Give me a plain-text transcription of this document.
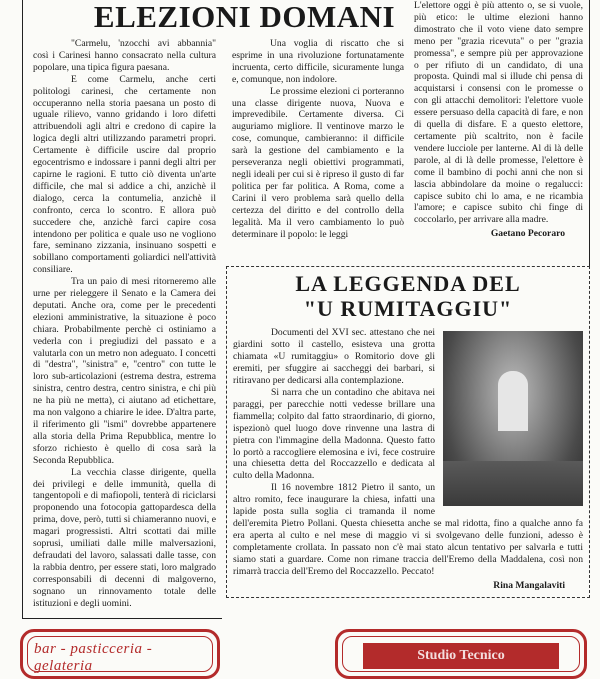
ELEZIONI DOMANI

"Carmelu, 'nzocchi avi abbannia" così i Carinesi hanno consacrato nella cultura popolare, una tipica figura paesana.

E come Carmelu, anche certi politologi carinesi, che certamente non occuperanno nella storia paesana un posto di uguale rilievo, vanno gridando i loro difetti attribuendoli agli altri e credono di capire la logica degli altri utilizzando parametri propri. Certamente è difficile uscire dal proprio egocentrismo e indossare i panni degli altri per capirne le ragioni. E tutto ciò diventa un'arte difficile, che mal si addice a chi, anzichè il dialogo, cerca la contumelia, anzichè il confronto, cerca lo scontro. E allora può succedere che, anzichè farci capire cosa intendono per politica e quale uso ne vogliono fare, seminano zizzania, insinuano sospetti e sobillano comportamenti goliardici nell'attività consiliare.

Tra un paio di mesi ritorneremo alle urne per rieleggere il Senato e la Camera dei deputati. Anche ora, come per le precedenti elezioni amministrative, la situazione è poco chiara. Probabilmente perchè ci ostiniamo a vederla con i pregiudizi del passato e a valutarla con un metro non adeguato. I concetti di "destra", "sinistra" e, "centro" con tutte le loro sub-articolazioni (estrema destra, estrema sinistra, centro destra, centro sinistra, e chi più ne ha più ne metta), ci aiutano ad etichettare, ma non valgono a chiarire le idee. D'altra parte, il riferimento gli "ismi" dovrebbe appartenere alla storia della Prima Repubblica, mentre lo sforzo richiesto è quello di cosa sarà la Seconda Repubblica.

La vecchia classe dirigente, quella dei privilegi e delle immunità, quella di tangentopoli e di mafiopoli, tenterà di riciclarsi proponendo una fotocopia gattopardesca della prima, dove, però, tutti si chiameranno nuovi, e magari progressisti. Altri scottati dai mille soprusi, umiliati dalle mille malversazioni, defraudati del lavoro, salassati dalle tasse, con la rabbia dentro, per essere stati, loro malgrado corresponsabili di decenni di malgoverno, sognano un rinnovamento totale delle istituzioni e degli uomini.

Una voglia di riscatto che si esprime in una rivoluzione fortunatamente incruenta, certo difficile, sicuramente lunga e, comunque, non indolore.

Le prossime elezioni ci porteranno una classe dirigente nuova, Nuova e imprevedibile. Certamente diversa. Ci auguriamo migliore. Il ventinove marzo le cose, comunque, cambieranno: il difficile sarà la gestione del cambiamento e la perseveranza negli obiettivi programmati, negli ideali per cui si è ripreso il gusto di far politica per far politica. A Roma, come a Carini il vero problema sarà quello della certezza del diritto e del controllo della legalità. Ma il vero cambiamento lo può determinare il popolo: le leggi

L'elettore oggi è più attento o, se si vuole, più etico: le ultime elezioni hanno dimostrato che il voto viene dato sempre meno per "grazia ricevuta" o per "grazia promessa", e sempre più per approvazione o per rifiuto di un candidato, di una proposta. Quindi mal si illude chi pensa di acquistarsi i consensi con le promesse o con gli attacchi demolitori: l'elettore vuole essere persuaso della capacità di fare, e non di quella di disfare. E a questo elettore, certamente più scaltrito, non è facile vendere lucciole per lanterne. Al di là delle parole, al di là delle promesse, l'elettore è come il bambino di pochi anni che non si lascia abbindolare da moine o regalucci: capisce subito chi lo ama, e ne ricambia l'amore; e capisce subito chi finge di coccolarlo, per arrivare alla madre.

Gaetano Pecoraro
LA LEGGENDA DEL
"U RUMITAGGIU"

Documenti del XVI sec. attestano che nei giardini sotto il castello, esisteva una grotta chiamata «U rumitaggiu» o Romitorio dove gli eremiti, per sfuggire ai saccheggi dei barbari, si ritiravano per dedicarsi alla contemplazione.

Si narra che un contadino che abitava nei paraggi, per parecchie notti vedesse brillare una fiammella; colpito dal fatto straordinario, di giorno, ispezionò quel luogo dove rinvenne una lastra di pietra con l'immagine della Madonna. Questo fatto lo portò a raccogliere elemosina e ivi, fece costruire una chiesetta detta del Roccazzello e dedicata al culto della Madonna.

Il 16 novembre 1812 Pietro il santo, un altro romito, fece inaugurare la chiesa, infatti una lapide posta sulla soglia ci tramanda il nome dell'eremita Pietro Pollani. Questa chiesetta anche se mal ridotta, fino a qualche anno fa era aperta al culto e nel mese di maggio vi si svolgevano delle funzioni, adesso è completamente crollata. In passato non c'è mai stato alcun tentativo per salvarla e tutti siamo stati a guardare. Come non rimane traccia dell'Eremo della Maddalena, così non rimarrà traccia dell'Eremo del Roccazzello. Peccato!

Rina Mangalaviti
bar - pasticceria - gelateria
Studio Tecnico
